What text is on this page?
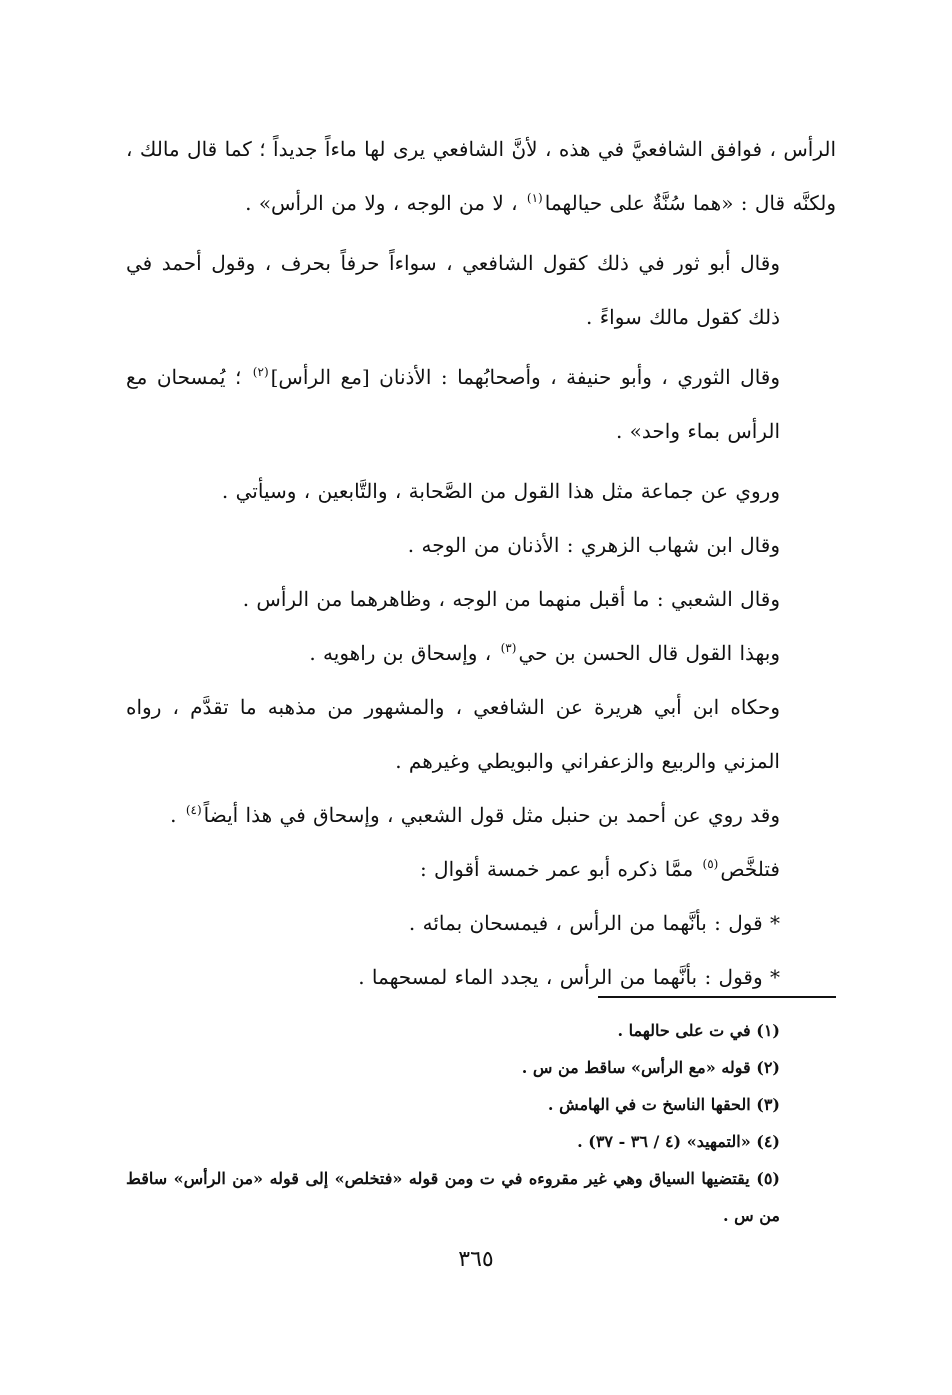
الرأس ، فوافق الشافعيَّ في هذه ، لأنَّ الشافعي يرى لها ماءاً جديداً ؛ كما قال مالك ، ولكنَّه قال : «هما سُنَّةٌ على حيالهما$^{(١)}$ ، لا من الوجه ، ولا من الرأس» .

وقال أبو ثور في ذلك كقول الشافعي ، سواءاً حرفاً بحرف ، وقول أحمد في ذلك كقول مالك سواءً .

وقال الثوري ، وأبو حنيفة ، وأصحابُهما : الأذنان [مع الرأس]$^{(٢)}$ ؛ يُمسحان مع الرأس بماء واحد» .

وروي عن جماعة مثل هذا القول من الصَّحابة ، والتَّابعين ، وسيأتي .

وقال ابن شهاب الزهري : الأذنان من الوجه .

وقال الشعبي : ما أقبل منهما من الوجه ، وظاهرهما من الرأس .

وبهذا القول قال الحسن بن حي$^{(٣)}$ ، وإسحاق بن راهويه .

وحكاه ابن أبي هريرة عن الشافعي ، والمشهور من مذهبه ما تقدَّم ، رواه المزني والربيع والزعفراني والبويطي وغيرهم .

وقد روي عن أحمد بن حنبل مثل قول الشعبي ، وإسحاق في هذا أيضاً$^{(٤)}$ .

فتلخَّص$^{(٥)}$ ممَّا ذكره أبو عمر خمسة أقوال :

* قول : بأنَّهما من الرأس ، فيمسحان بمائه .

* وقول : بأنَّهما من الرأس ، يجدد الماء لمسحهما .

(١) في ت على حالهما .

(٢) قوله «مع الرأس» ساقط من س .

(٣) الحقها الناسخ ت في الهامش .

(٤) «التمهيد» (٤ / ٣٦ - ٣٧) .

(٥) يقتضيها السياق وهي غير مقروءه في ت ومن قوله «فتخلص» إلى قوله «من الرأس» ساقط من س .

٣٦٥
